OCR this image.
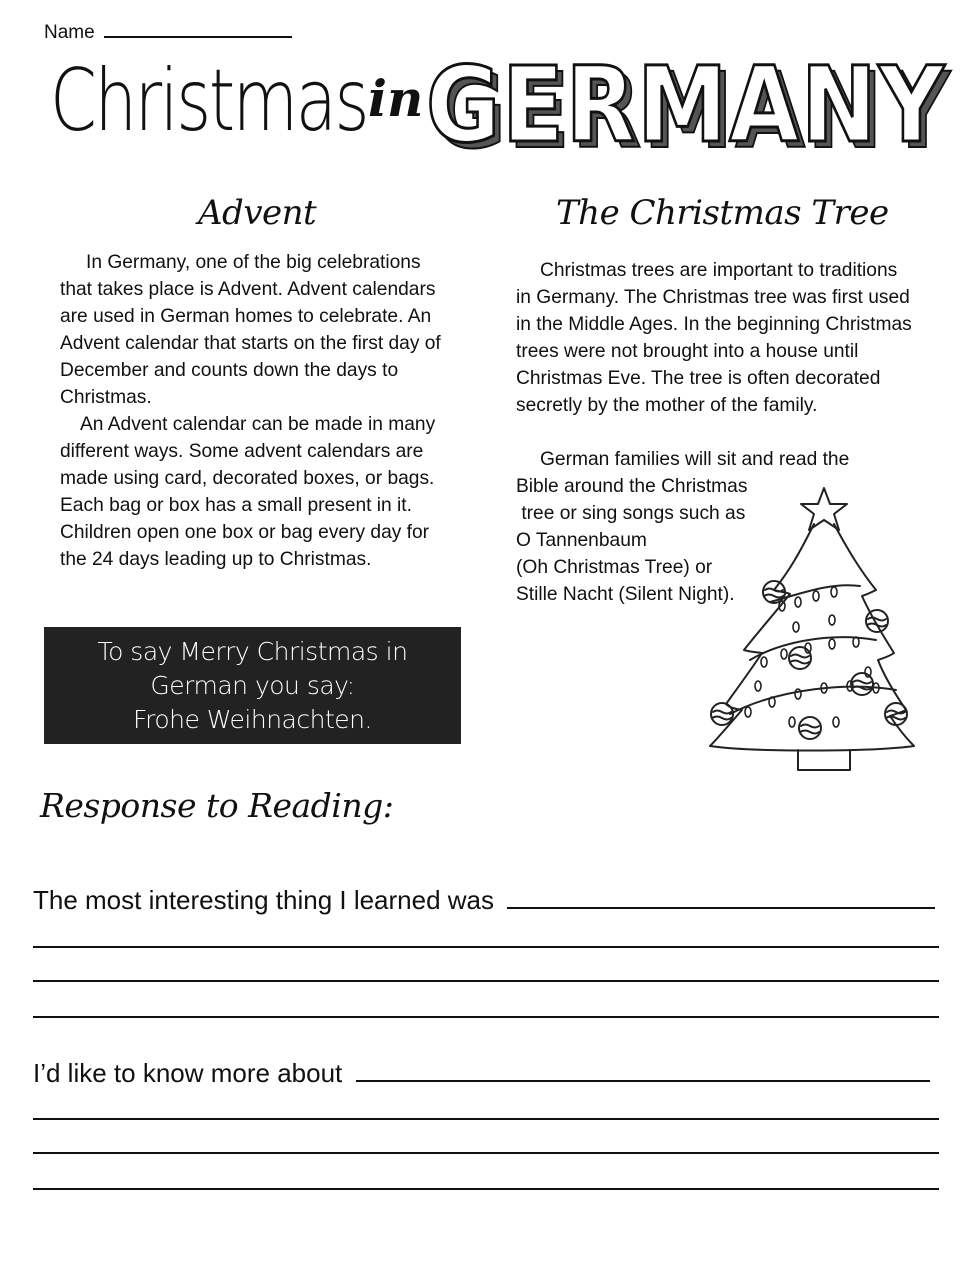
Name
Christmas in GERMANY
GERMANY
Advent

In Germany, one of the big celebrations that takes place is Advent. Advent calendars are used in German homes to celebrate. An Advent calendar that starts on the first day of December and counts down the days to Christmas.

An Advent calendar can be made in many different ways. Some advent calendars are made using card, decorated boxes, or bags. Each bag or box has a small present in it. Children open one box or bag every day for the 24 days leading up to Christmas.

The Christmas Tree

Christmas trees are important to traditions in Germany. The Christmas tree was first used in the Middle Ages. In the beginning Christmas trees were not brought into a house until Christmas Eve. The tree is often decorated secretly by the mother of the family.

German families will sit and read the

Bible around the Christmas

tree or sing songs such as

O Tannenbaum

(Oh Christmas Tree) or

Stille Nacht (Silent Night).

To say Merry Christmas in
German you say:
Frohe Weihnachten.
Response to Reading:
The most interesting thing I learned was
I’d like to know more about
